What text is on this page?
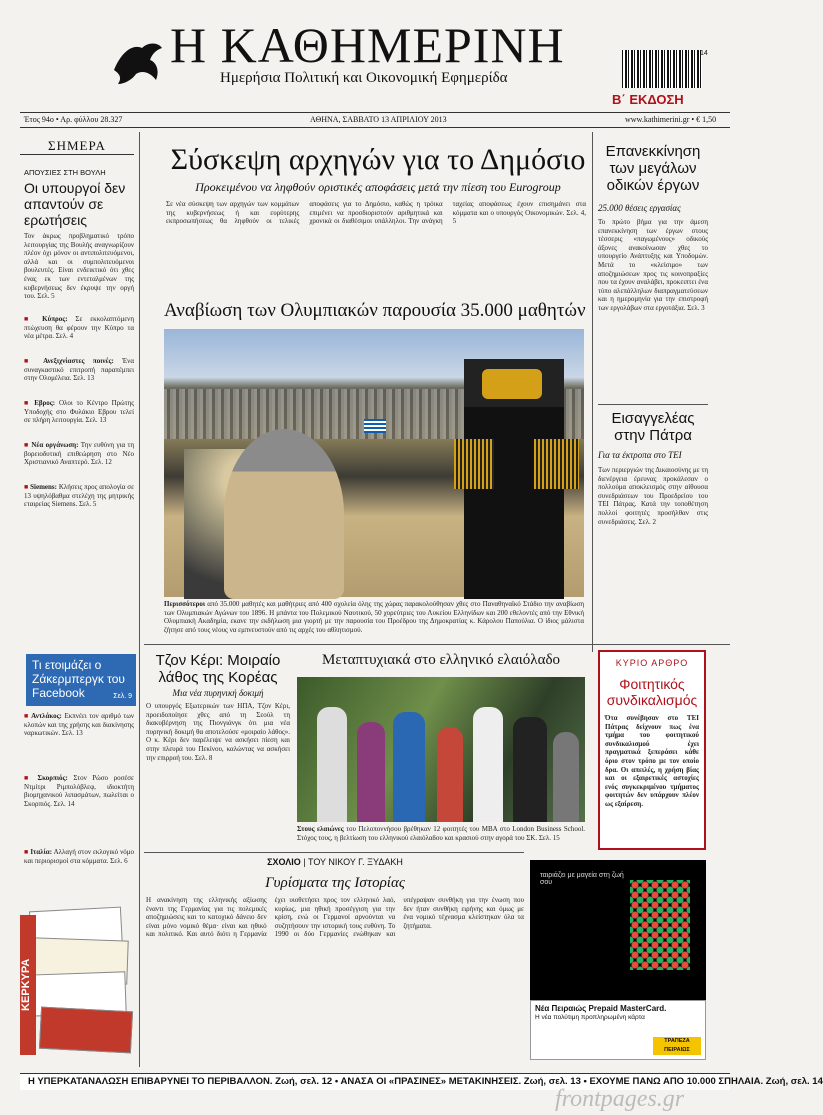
Η ΚΑΘΗΜΕΡΙΝΗ
Ημερήσια Πολιτική και Οικονομική Εφημερίδα
14
Β΄ ΕΚΔΟΣΗ
Έτος 94ο • Αρ. φύλλου 28.327	ΑΘΗΝΑ, ΣΑΒΒΑΤΟ 13 ΑΠΡΙΛΙΟΥ 2013	www.kathimerini.gr • € 1,50
ΣΗΜΕΡΑ
ΑΠΟΥΣΙΕΣ ΣΤΗ ΒΟΥΛΗ
Οι υπουργοί δεν απαντούν σε ερωτήσεις
Τον άκρως προβληματικό τρόπο λειτουργίας της Βουλής αναγνωρίζουν πλέον όχι μόνον οι αντιπολιτευόμενοι, αλλά και οι συμπολιτευόμενοι βουλευτές. Είναι ενδεικτικό ότι χθες ένας εκ των εντεταλμένων της κυβερνήσεως δεν έκρυψε την οργή του. Σελ. 5
■ Κύπρος: Σε εκκολαπτόμενη πτώχευση θα φέρουν την Κύπρο τα νέα μέτρα. Σελ. 4
■ Ανεξιχνίαστες ποινές: Ένα συναγκαστικό επιτροπή παραπέμπει στην Ολομέλεια. Σελ. 13
■ Εβρος: Ολοι το Κέντρο Πρώτης Υποδοχής στο Φυλάκιο Εβρου τελεί σε πλήρη λειτουργία. Σελ. 13
■ Νέα οργάνωση: Την ευθύνη για τη βορειοδυτική επιθεώρηση στο Νέο Χριστιανικό Αναπτερό. Σελ. 12
■ Siemens: Κλήσεις προς απολογία σε 13 υψηλόβαθμα στελέχη της μητρικής εταιρείας Siemens. Σελ. 5
Τι ετοιμάζει ο Ζάκερμπεργκ του Facebook	Σελ. 9
■ Αντλάκος: Εκπνέει τον αριθμό των κλοπών και της χρήσης και διακίνησης ναρκωτικών. Σελ. 13
■ Σκορπιός: Στον Ρώσο ροσέσε Ντμίτρι Ριμπολόβλεφ, ιδιοκτήτη βιομηχανικού λιπασμάτων, πωλείται ο Σκορπιός. Σελ. 14
■ Ιταλία: Αλλαγή στον εκλογικό νόμο και περιορισμοί στα κόμματα. Σελ. 6
ΚΕΡΚΥΡΑ
Σύσκεψη αρχηγών για το Δημόσιο
Προκειμένου να ληφθούν οριστικές αποφάσεις μετά την πίεση του Eurogroup
Σε νέα σύσκεψη των αρχηγών των κομμάτων της κυβερνήσεως ή και ευρύτερης εκπροσωπήσεως θα ληφθούν οι τελικές αποφάσεις για το Δημόσιο, καθώς η τρόικα επιμένει να προσδιοριστούν αριθμητικά και χρονικά οι διαθέσιμοι υπάλληλοι. Την ανάγκη ταχείας αποφάσεως έχουν επισημάνει στα κόμματα και ο υπουργός Οικονομικών. Σελ. 4, 5
Αναβίωση των Ολυμπιακών παρουσία 35.000 μαθητών
Περισσότεροι από 35.000 μαθητές και μαθήτριες από 400 σχολεία όλης της χώρας παρακολούθησαν χθες στο Παναθηναϊκό Στάδιο την αναβίωση των Ολυμπιακών Αγώνων του 1896. Η μπάντα του Πολεμικού Ναυτικού, 50 χορεύτριες του Λυκείου Ελληνίδων και 200 εθελοντές από την Εθνική Ολυμπιακή Ακαδημία, εκανε την εκδήλωση μια γιορτή με την παρουσία του Προέδρου της Δημοκρατίας κ. Κάρολου Παπούλια. Ο ίδιος μάλιστα ζήτησε από τους νέους να εμπνευστούν από τις αρχές του αθλητισμού.
Επανεκκίνηση των μεγάλων οδικών έργων
25.000 θέσεις εργασίας
Το πρώτο βήμα για την άμεση επανεκκίνηση των έργων στους τέσσερις «παγωμένους» οδικούς άξονες ανακοίνωσαν χθες το υπουργείο Ανάπτυξης και Υποδομών. Μετά το «κλείσιμο» των αποζημιώσεων προς τις κοινοπραξίες που τα έχουν αναλάβει, προκειπτει ένα τύπο αλεπάλληλων διαπραγματεύσεων και η ημερομηνία για την επιστροφή των εργολάβων στα εργοτάξια. Σελ. 3
Εισαγγελέας στην Πάτρα
Για τα έκτροπα στο ΤΕΙ
Των περιεργιών της Δικαιοσύνης με τη διενέργεια έρευνας προκάλεσαν ο πολλούμα αποκλεισμός στην αίθουσα συνεδριάσεων του Προεδρείου του ΤΕΙ Πάτρας. Κατά την τοποθέτηση πολλοί φοιτητές προσήλθαν στις συνεδριάσεις. Σελ. 2
Τζον Κέρι: Μοιραίο λάθος της Κορέας
Μια νέα πυρηνική δοκιμή
Ο υπουργός Εξωτερικών των ΗΠΑ, Τζον Κέρι, προειδοποίησε χθες από τη Σεούλ τη διακυβέρνηση της Πιονγιάνγκ ότι μια νέα πυρηνική δοκιμή θα αποτελούσε «μοιραίο λάθος». Ο κ. Κέρι δεν παρέλειψε να ασκήσει πίεση και στην πλευρά του Πεκίνου, καλώντας να ασκήσει την επιρροή του. Σελ. 8
Μεταπτυχιακά στο ελληνικό ελαιόλαδο
Στους ελαιώνες του Πελοποννήσου βρέθηκαν 12 φοιτητές του MBA στο London Business School. Στόχος τους, η βελτίωση του ελληνικού ελαιόλαδου και κρασιού στην αγορά του ΣΚ. Σελ. 15
ΚΥΡΙΟ ΑΡΘΡΟ
Φοιτητικός συνδικαλισμός
Ότα συνέβησαν στο ΤΕΙ Πάτρας δείχνουν πως ένα τμήμα του φοιτητικού συνδικαλισμού έχει πραγματικά ξεπεράσει κάθε όριο στον τρόπο με τον οποίο δρα. Οι απειλές, η χρήση βίας και οι εξαιρετικές αστοχίες ενός συγκεκριμένου τμήματος φοιτητών δεν υπάρχουν πλέον ως εξαίρεση.
ΣΧΟΛΙΟ | ΤΟΥ ΝΙΚΟΥ Γ. ΞΥΔΑΚΗ
Γυρίσματα της Ιστορίας
Η ανακίνηση της ελληνικής αξίωσης έναντι της Γερμανίας για τις πολεμικές αποζημιώσεις και το κατοχικό δάνειο δεν είναι μόνο νομικό θέμα· είναι και ηθικό και πολιτικό. Και αυτό διότι η Γερμανία έχει υιοθετήσει προς τον ελληνικό λαό, κυρίως, μια ηθική προσέγγιση για την κρίση, ενώ οι Γερμανοί αρνούνται να συζητήσουν την ιστορική τους ευθύνη. Το 1990 οι δύο Γερμανίες ενώθηκαν και υπέγραψαν συνθήκη για την ένωση που δεν ήταν συνθήκη ειρήνης και όμως με ένα νομικό τέχνασμα κλείστηκαν όλα τα ζητήματα.
ταιριάζει με μαγεία στη ζωή σου
Νέα Πειραιώς Prepaid MasterCard.
Η νέα πολύτιμη προπληρωμένη κάρτα
ΤΡΑΠΕΖΑ ΠΕΙΡΑΙΩΣ
Η ΥΠΕΡΚΑΤΑΝΑΛΩΣΗ ΕΠΙΒΑΡΥΝΕΙ ΤΟ ΠΕΡΙΒΑΛΛΟΝ. Ζωή, σελ. 12 • ΑΝΑΣΑ ΟΙ «ΠΡΑΣΙΝΕΣ» ΜΕΤΑΚΙΝΗΣΕΙΣ. Ζωή, σελ. 13 • ΕΧΟΥΜΕ ΠΑΝΩ ΑΠΟ 10.000 ΣΠΗΛΑΙΑ. Ζωή, σελ. 14
frontpages.gr
